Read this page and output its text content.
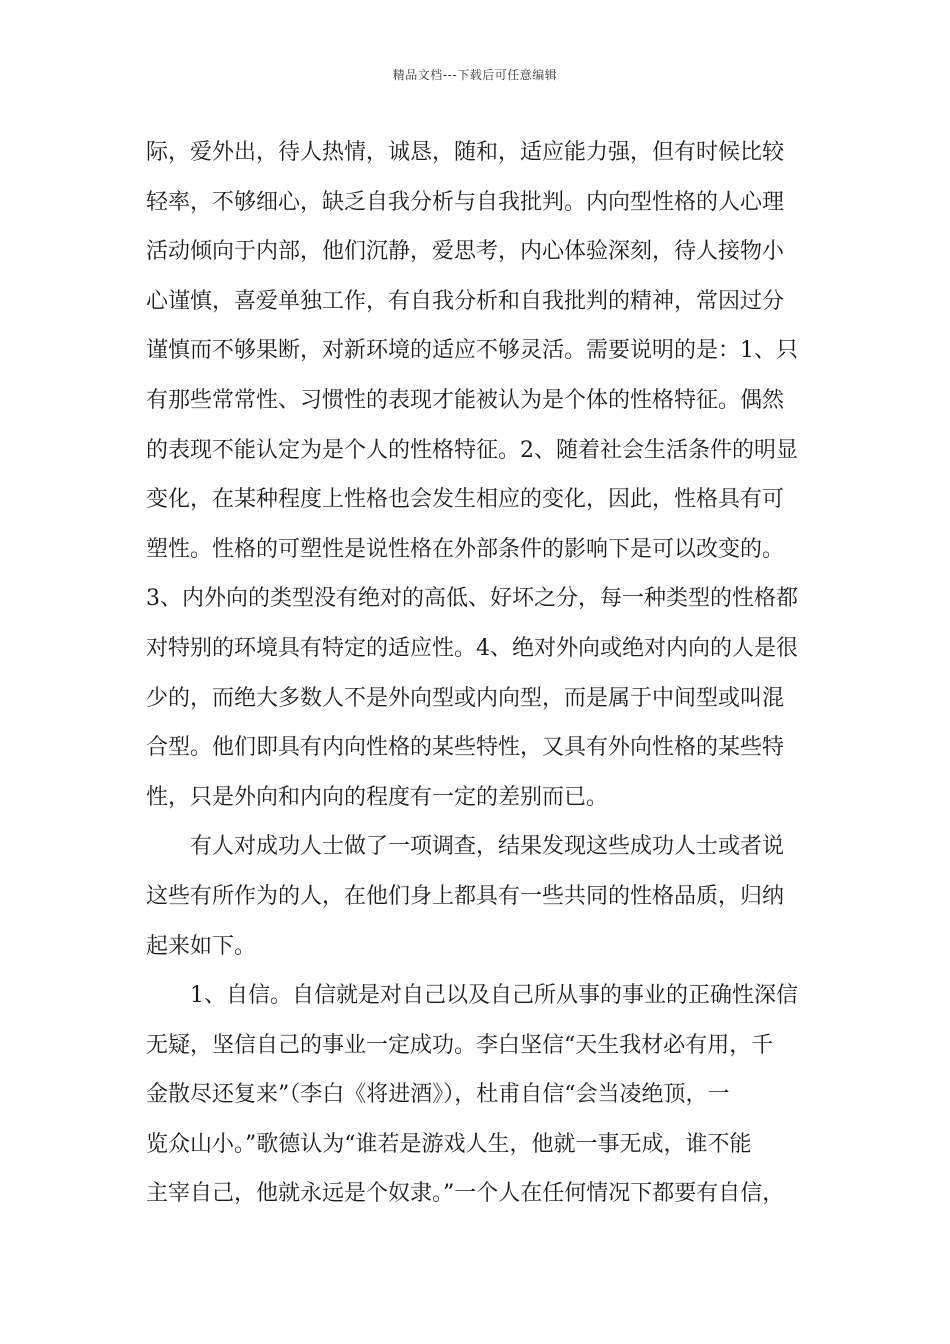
精品文档---下载后可任意编辑
际，爱外出，待人热情，诚恳，随和，适应能力强，但有时候比较
轻率，不够细心，缺乏自我分析与自我批判。内向型性格的人心理
活动倾向于内部，他们沉静，爱思考，内心体验深刻，待人接物小
心谨慎，喜爱单独工作，有自我分析和自我批判的精神，常因过分
谨慎而不够果断，对新环境的适应不够灵活。需要说明的是：1、只
有那些常常性、习惯性的表现才能被认为是个体的性格特征。偶然
的表现不能认定为是个人的性格特征。2、随着社会生活条件的明显
变化，在某种程度上性格也会发生相应的变化，因此，性格具有可
塑性。性格的可塑性是说性格在外部条件的影响下是可以改变的。
3、内外向的类型没有绝对的高低、好坏之分，每一种类型的性格都
对特别的环境具有特定的适应性。4、绝对外向或绝对内向的人是很
少的，而绝大多数人不是外向型或内向型，而是属于中间型或叫混
合型。他们即具有内向性格的某些特性，又具有外向性格的某些特
性，只是外向和内向的程度有一定的差别而已。
有人对成功人士做了一项调查，结果发现这些成功人士或者说
这些有所作为的人，在他们身上都具有一些共同的性格品质，归纳
起来如下。
1、自信。自信就是对自己以及自己所从事的事业的正确性深信
无疑，坚信自己的事业一定成功。李白坚信“天生我材必有用，千
金散尽还复来”（李白《将进酒》），杜甫自信“会当凌绝顶，一
览众山小。”歌德认为“谁若是游戏人生，他就一事无成，谁不能
主宰自己，他就永远是个奴隶。”一个人在任何情况下都要有自信，
